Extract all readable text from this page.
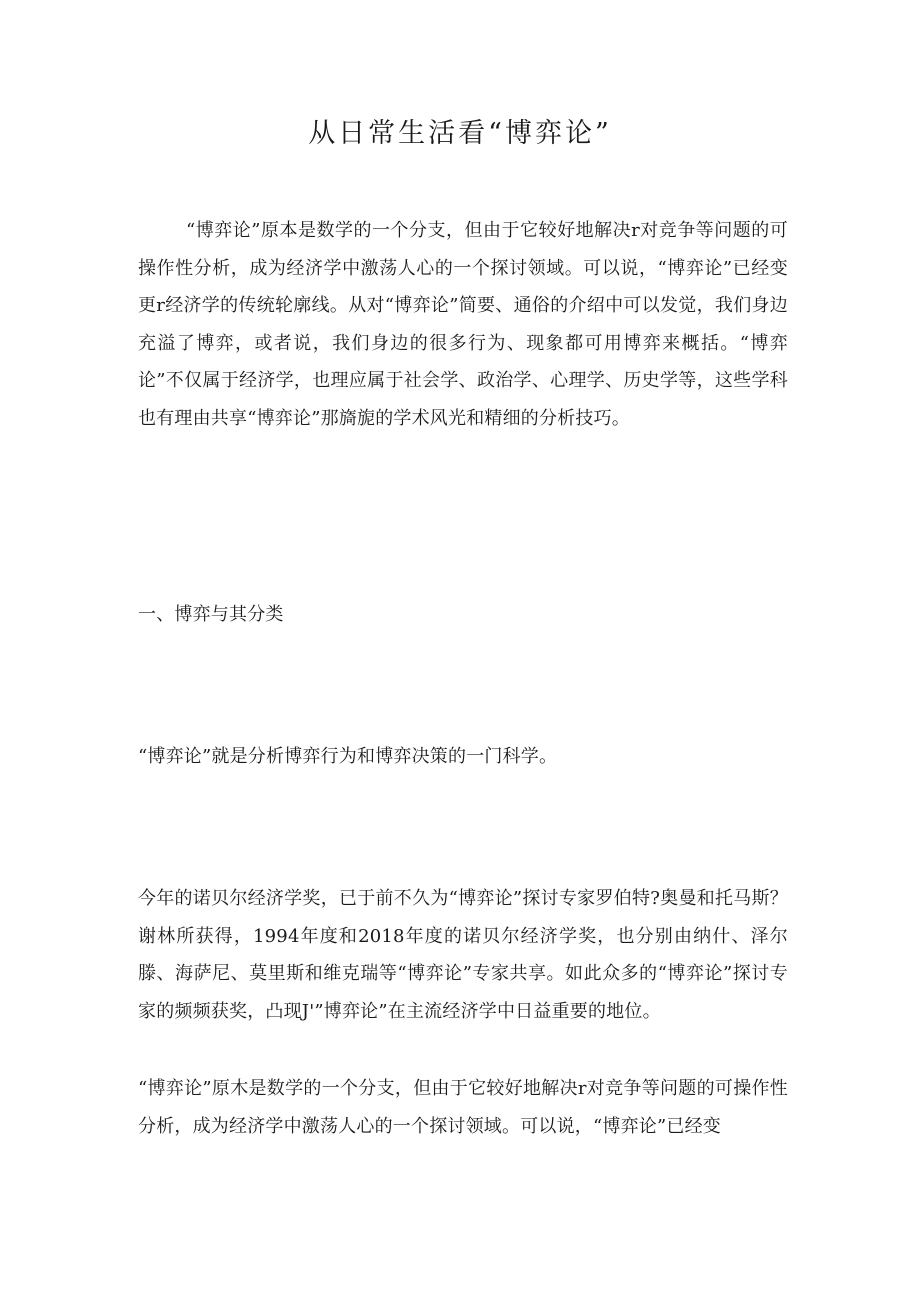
从日常生活看“博弈论”

“博弈论”原本是数学的一个分支，但由于它较好地解决r对竞争等问题的可操作性分析，成为经济学中激荡人心的一个探讨领域。可以说，“博弈论”已经变更r经济学的传统轮廓线。从对“博弈论”简要、通俗的介绍中可以发觉，我们身边充溢了博弈，或者说，我们身边的很多行为、现象都可用博弈来概括。“博弈论”不仅属于经济学，也理应属于社会学、政治学、心理学、历史学等，这些学科也有理由共享“博弈论”那旖旎的学术风光和精细的分析技巧。

一、博弈与其分类

“博弈论”就是分析博弈行为和博弈决策的一门科学。

今年的诺贝尔经济学奖，已于前不久为“博弈论”探讨专家罗伯特?奥曼和托马斯？谢林所获得，1994年度和2018年度的诺贝尔经济学奖，也分别由纳什、泽尔滕、海萨尼、莫里斯和维克瑞等“博弈论”专家共享。如此众多的“博弈论”探讨专家的频频获奖，凸现J'”博弈论”在主流经济学中日益重要的地位。

“博弈论”原木是数学的一个分支，但由于它较好地解决r对竞争等问题的可操作性分析，成为经济学中激荡人心的一个探讨领域。可以说，“博弈论”已经变
